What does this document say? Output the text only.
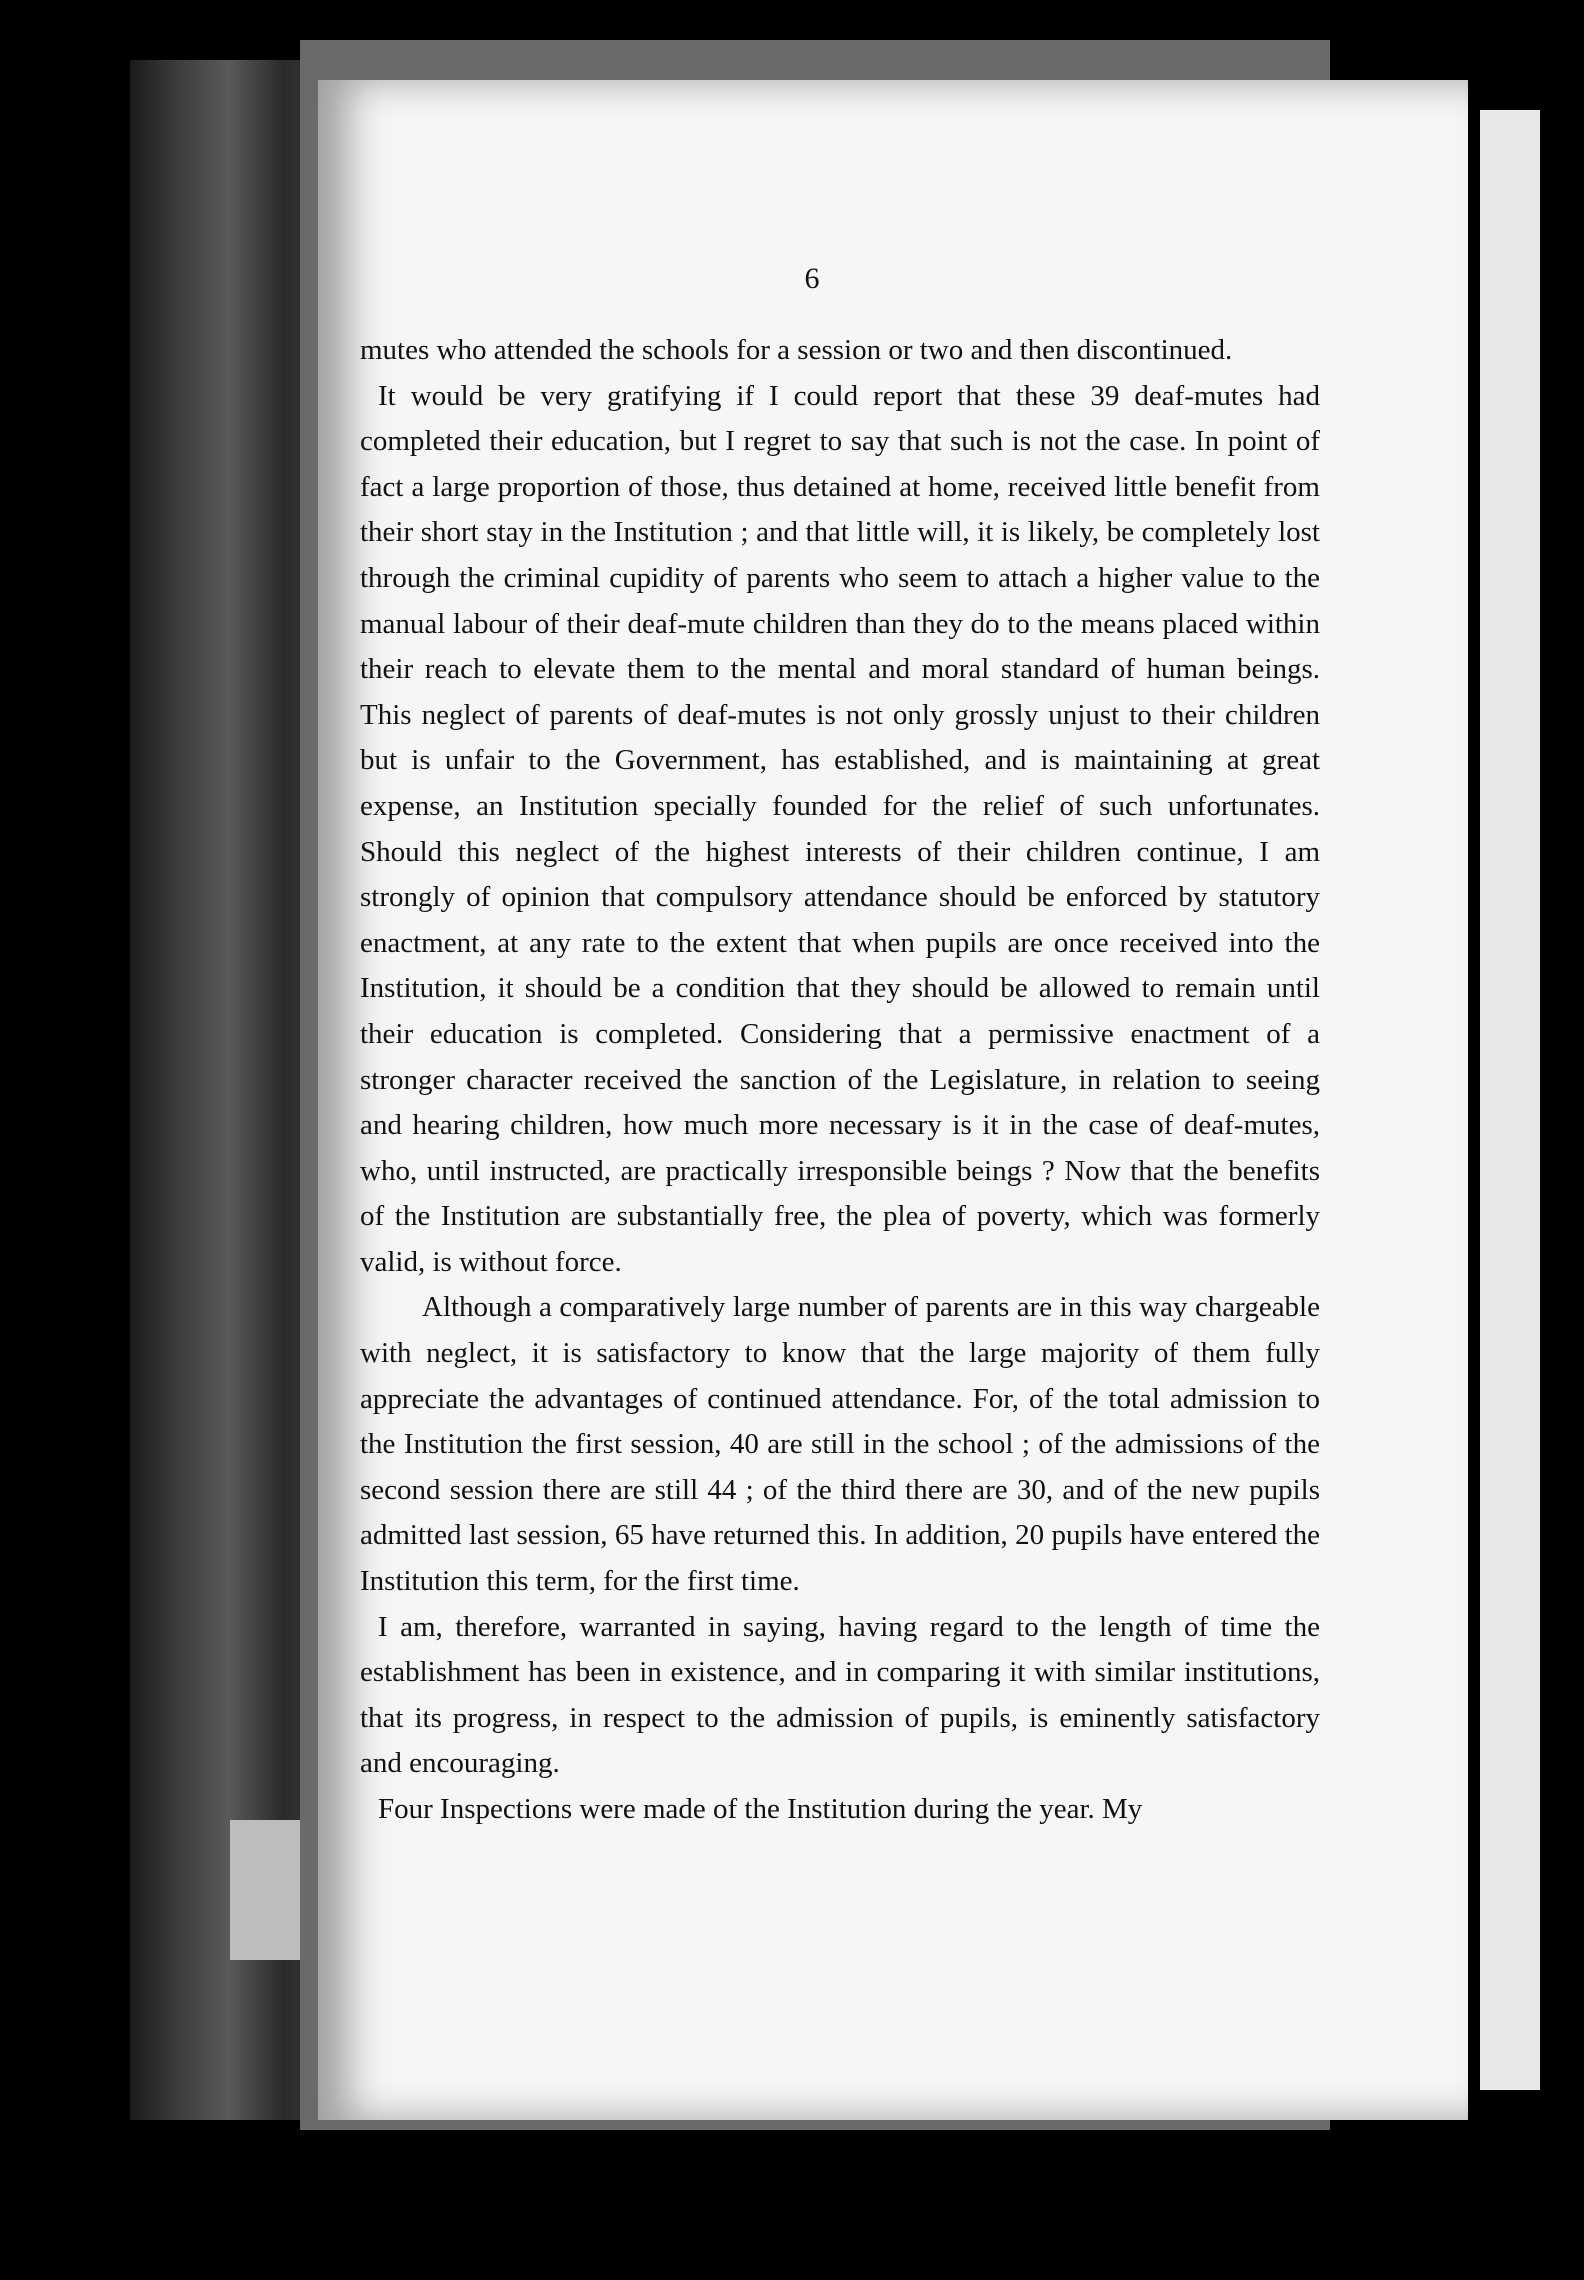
6

mutes who attended the schools for a session or two and then discontinued.

It would be very gratifying if I could report that these 39 deaf-mutes had completed their education, but I regret to say that such is not the case. In point of fact a large proportion of those, thus detained at home, received little benefit from their short stay in the Institution ; and that little will, it is likely, be completely lost through the criminal cupidity of parents who seem to attach a higher value to the manual labour of their deaf-mute children than they do to the means placed within their reach to elevate them to the mental and moral standard of human beings. This neglect of parents of deaf-mutes is not only grossly unjust to their children but is unfair to the Government, has established, and is maintaining at great expense, an Institution specially founded for the relief of such unfortunates. Should this neglect of the highest interests of their children continue, I am strongly of opinion that compulsory attendance should be enforced by statutory enactment, at any rate to the extent that when pupils are once received into the Institution, it should be a condition that they should be allowed to remain until their education is completed. Considering that a permissive enactment of a stronger character received the sanction of the Legislature, in relation to seeing and hearing children, how much more necessary is it in the case of deaf-mutes, who, until instructed, are practically irresponsible beings ? Now that the benefits of the Institution are substantially free, the plea of poverty, which was formerly valid, is without force.

Although a comparatively large number of parents are in this way chargeable with neglect, it is satisfactory to know that the large majority of them fully appreciate the advantages of continued attendance. For, of the total admission to the Institution the first session, 40 are still in the school ; of the admissions of the second session there are still 44 ; of the third there are 30, and of the new pupils admitted last session, 65 have returned this. In addition, 20 pupils have entered the Institution this term, for the first time.

I am, therefore, warranted in saying, having regard to the length of time the establishment has been in existence, and in comparing it with similar institutions, that its progress, in respect to the admission of pupils, is eminently satisfactory and encouraging.

Four Inspections were made of the Institution during the year. My
